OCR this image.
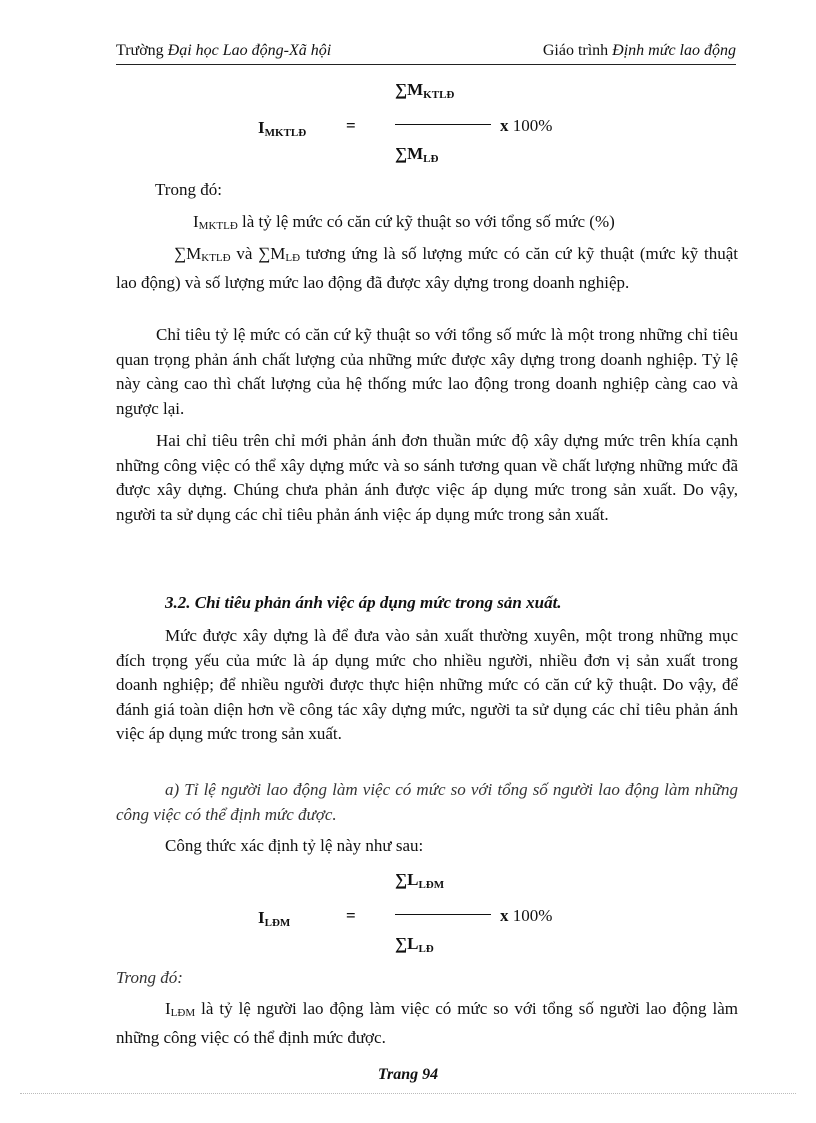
Trường Đại học Lao động-Xã hội	Giáo trình Định mức lao động
$I_{MKTLĐ}$ =
$\sum M_{KTLĐ}$
$\sum M_{LĐ}$
x 100%
Trong đó:
$I_{MKTLĐ}$ là tỷ lệ mức có căn cứ kỹ thuật so với tổng số mức (%)
$\sum M_{KTLĐ}$ và $\sum M_{LĐ}$ tương ứng là số lượng mức có căn cứ kỹ thuật (mức kỹ thuật lao động) và số lượng mức lao động đã được xây dựng trong doanh nghiệp.
Chỉ tiêu tỷ lệ mức có căn cứ kỹ thuật so với tổng số mức là một trong những chỉ tiêu quan trọng phản ánh chất lượng của những mức được xây dựng trong doanh nghiệp. Tỷ lệ này càng cao thì chất lượng của hệ thống mức lao động trong doanh nghiệp càng cao và ngược lại.
Hai chỉ tiêu trên chỉ mới phản ánh đơn thuần mức độ xây dựng mức trên khía cạnh những công việc có thể xây dựng mức và so sánh tương quan về chất lượng những mức đã được xây dựng. Chúng chưa phản ánh được việc áp dụng mức trong sản xuất. Do vậy, người ta sử dụng các chỉ tiêu phản ánh việc áp dụng mức trong sản xuất.
3.2. Chỉ tiêu phản ánh việc áp dụng mức trong sản xuất.
Mức được xây dựng là để đưa vào sản xuất thường xuyên, một trong những mục đích trọng yếu của mức là áp dụng mức cho nhiều người, nhiều đơn vị sản xuất trong doanh nghiệp; để nhiều người được thực hiện những mức có căn cứ kỹ thuật. Do vậy, để đánh giá toàn diện hơn về công tác xây dựng mức, người ta sử dụng các chỉ tiêu phản ánh việc áp dụng mức trong sản xuất.
a) Tỉ lệ người lao động làm việc có mức so với tổng số người lao động làm những công việc có thể định mức được.
Công thức xác định tỷ lệ này như sau:
$I_{LĐM}$	=
$\sum L_{LĐM}$
$\sum L_{LĐ}$
x 100%
Trong đó:
$I_{LĐM}$ là tỷ lệ người lao động làm việc có mức so với tổng số người lao động làm những công việc có thể định mức được.
Trang 94
